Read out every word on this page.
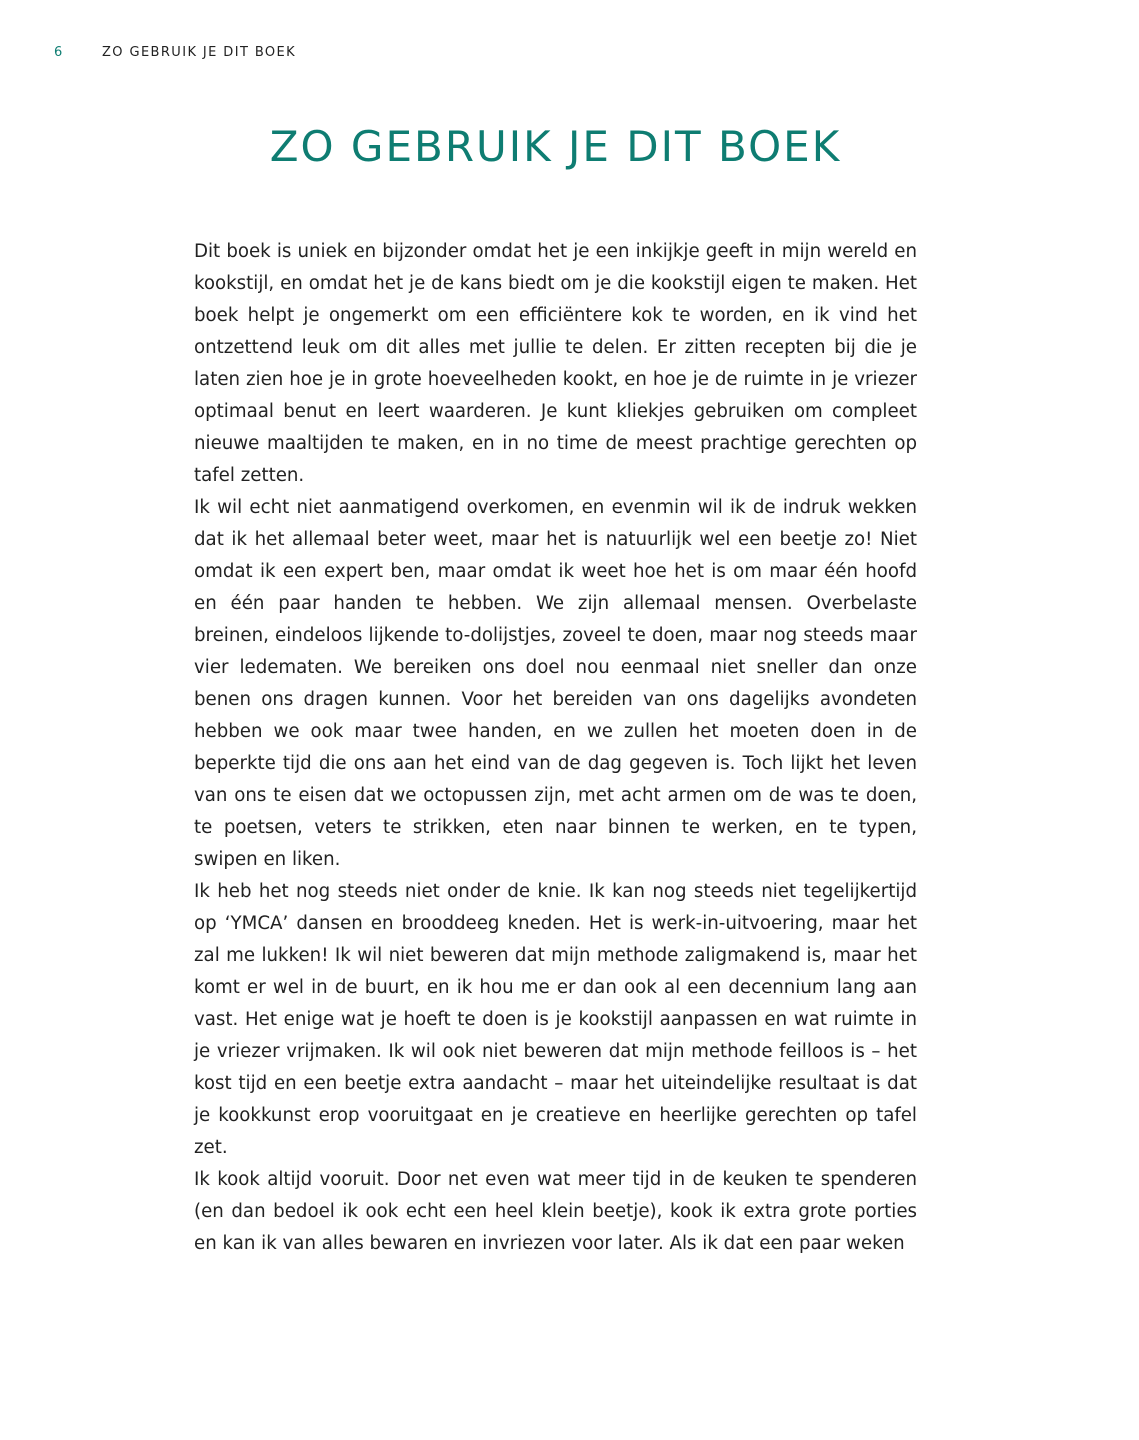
6	ZO GEBRUIK JE DIT BOEK
ZO GEBRUIK JE DIT BOEK

Dit boek is uniek en bijzonder omdat het je een inkijkje geeft in mijn wereld en kookstijl, en omdat het je de kans biedt om je die kookstijl eigen te maken. Het boek helpt je ongemerkt om een efficiëntere kok te worden, en ik vind het ontzettend leuk om dit alles met jullie te delen. Er zitten recepten bij die je laten zien hoe je in grote hoeveelheden kookt, en hoe je de ruimte in je vriezer optimaal benut en leert waarderen. Je kunt kliekjes gebruiken om compleet nieuwe maaltijden te maken, en in no time de meest prachtige gerechten op tafel zetten.

Ik wil echt niet aanmatigend overkomen, en evenmin wil ik de indruk wekken dat ik het allemaal beter weet, maar het is natuurlijk wel een beetje zo! Niet omdat ik een expert ben, maar omdat ik weet hoe het is om maar één hoofd en één paar handen te hebben. We zijn allemaal mensen. Overbelaste breinen, eindeloos lijkende to-dolijstjes, zoveel te doen, maar nog steeds maar vier ledematen. We bereiken ons doel nou eenmaal niet sneller dan onze benen ons dragen kunnen. Voor het bereiden van ons dagelijks avondeten hebben we ook maar twee handen, en we zullen het moeten doen in de beperkte tijd die ons aan het eind van de dag gegeven is. Toch lijkt het leven van ons te eisen dat we octopussen zijn, met acht armen om de was te doen, te poetsen, veters te strikken, eten naar binnen te werken, en te typen, swipen en liken.

Ik heb het nog steeds niet onder de knie. Ik kan nog steeds niet tegelijkertijd op ‘YMCA’ dansen en brooddeeg kneden. Het is werk-in-uitvoering, maar het zal me lukken! Ik wil niet beweren dat mijn methode zaligmakend is, maar het komt er wel in de buurt, en ik hou me er dan ook al een decennium lang aan vast. Het enige wat je hoeft te doen is je kookstijl aanpassen en wat ruimte in je vriezer vrijmaken. Ik wil ook niet beweren dat mijn methode feilloos is – het kost tijd en een beetje extra aandacht – maar het uiteindelijke resultaat is dat je kookkunst erop vooruitgaat en je creatieve en heerlijke gerechten op tafel zet.

Ik kook altijd vooruit. Door net even wat meer tijd in de keuken te spenderen (en dan bedoel ik ook echt een heel klein beetje), kook ik extra grote porties en kan ik van alles bewaren en invriezen voor later. Als ik dat een paar weken
